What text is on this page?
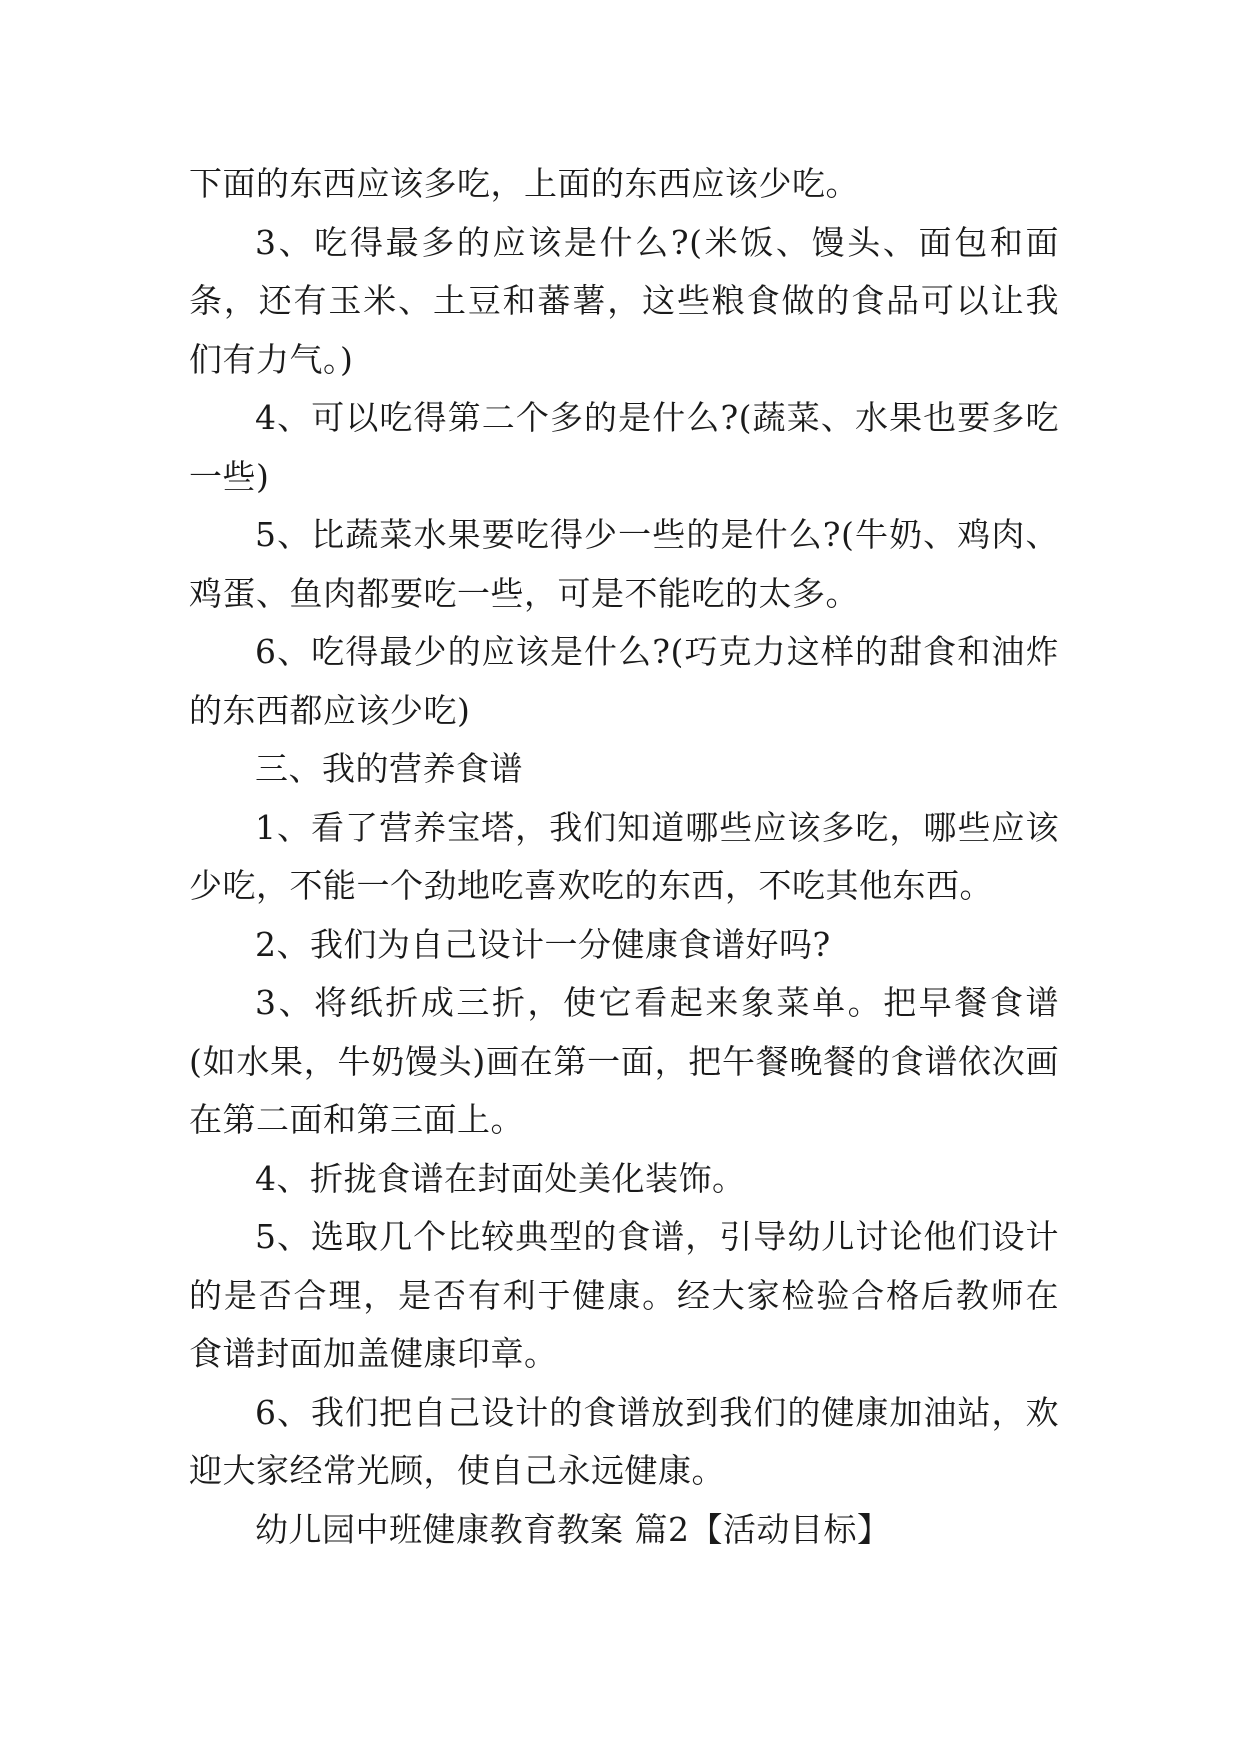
下面的东西应该多吃，上面的东西应该少吃。

3、吃得最多的应该是什么?(米饭、馒头、面包和面条，还有玉米、土豆和蕃薯，这些粮食做的食品可以让我们有力气。)

4、可以吃得第二个多的是什么?(蔬菜、水果也要多吃一些)

5、比蔬菜水果要吃得少一些的是什么?(牛奶、鸡肉、鸡蛋、鱼肉都要吃一些，可是不能吃的太多。

6、吃得最少的应该是什么?(巧克力这样的甜食和油炸的东西都应该少吃)

三、我的营养食谱

1、看了营养宝塔，我们知道哪些应该多吃，哪些应该少吃，不能一个劲地吃喜欢吃的东西，不吃其他东西。

2、我们为自己设计一分健康食谱好吗?

3、将纸折成三折，使它看起来象菜单。把早餐食谱(如水果，牛奶馒头)画在第一面，把午餐晚餐的食谱依次画在第二面和第三面上。

4、折拢食谱在封面处美化装饰。

5、选取几个比较典型的食谱，引导幼儿讨论他们设计的是否合理，是否有利于健康。经大家检验合格后教师在食谱封面加盖健康印章。

6、我们把自己设计的食谱放到我们的健康加油站，欢迎大家经常光顾，使自己永远健康。

幼儿园中班健康教育教案 篇2【活动目标】
